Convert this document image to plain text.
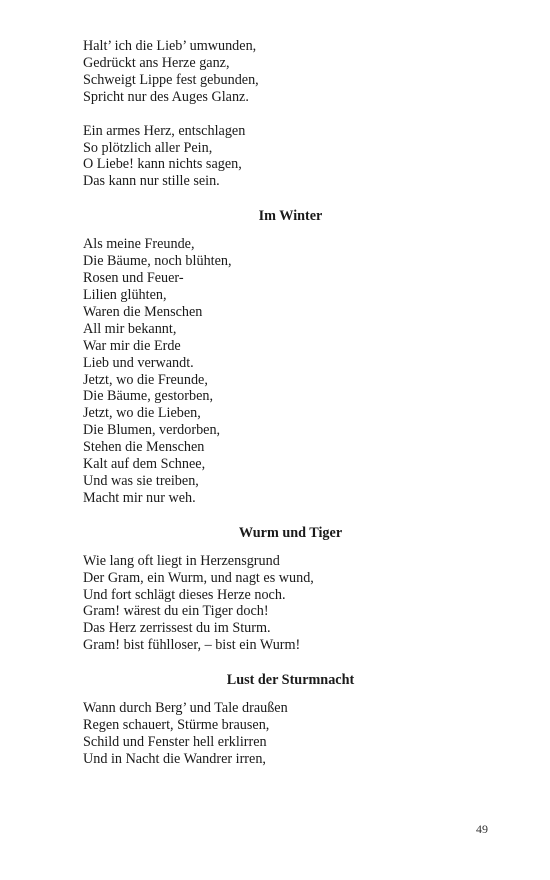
Halt’ ich die Lieb’ umwunden,
Gedrückt ans Herze ganz,
Schweigt Lippe fest gebunden,
Spricht nur des Auges Glanz.
Ein armes Herz, entschlagen
So plötzlich aller Pein,
O Liebe! kann nichts sagen,
Das kann nur stille sein.
Im Winter
Als meine Freunde,
Die Bäume, noch blühten,
Rosen und Feuer-
Lilien glühten,
Waren die Menschen
All mir bekannt,
War mir die Erde
Lieb und verwandt.
Jetzt, wo die Freunde,
Die Bäume, gestorben,
Jetzt, wo die Lieben,
Die Blumen, verdorben,
Stehen die Menschen
Kalt auf dem Schnee,
Und was sie treiben,
Macht mir nur weh.
Wurm und Tiger
Wie lang oft liegt in Herzensgrund
Der Gram, ein Wurm, und nagt es wund,
Und fort schlägt dieses Herze noch.
Gram! wärest du ein Tiger doch!
Das Herz zerrissest du im Sturm.
Gram! bist fühlloser, – bist ein Wurm!
Lust der Sturmnacht
Wann durch Berg’ und Tale draußen
Regen schauert, Stürme brausen,
Schild und Fenster hell erklirren
Und in Nacht die Wandrer irren,
49
